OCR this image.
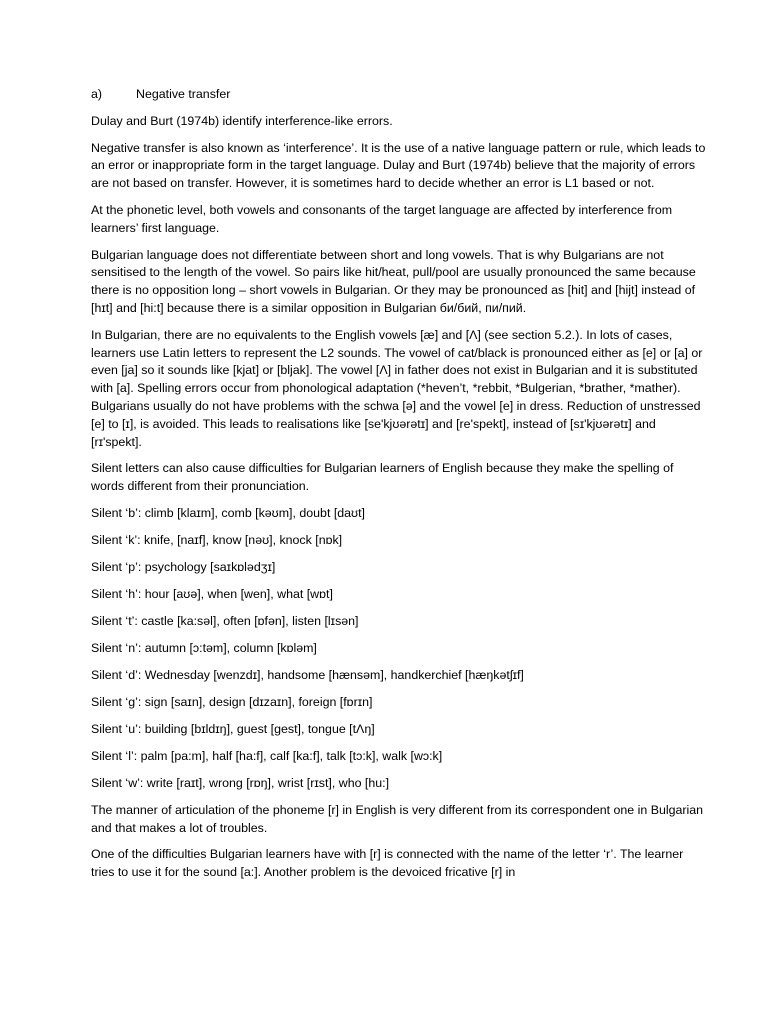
a)	Negative transfer

Dulay and Burt (1974b) identify interference-like errors.

Negative transfer is also known as ‘interference’. It is the use of a native language pattern or rule, which leads to an error or inappropriate form in the target language. Dulay and Burt (1974b) believe that the majority of errors are not based on transfer. However, it is sometimes hard to decide whether an error is L1 based or not.

At the phonetic level, both vowels and consonants of the target language are affected by interference from learners’ first language.

Bulgarian language does not differentiate between short and long vowels. That is why Bulgarians are not sensitised to the length of the vowel. So pairs like hit/heat, pull/pool are usually pronounced the same because there is no opposition long – short vowels in Bulgarian. Or they may be pronounced as [hit] and [hijt] instead of [hɪt] and [hi:t] because there is a similar opposition in Bulgarian би/бий, пи/пий.

In Bulgarian, there are no equivalents to the English vowels [æ] and [Λ] (see section 5.2.). In lots of cases, learners use Latin letters to represent the L2 sounds. The vowel of cat/black is pronounced either as [e] or [a] or even [ja] so it sounds like [kjat] or [bljak]. The vowel [Λ] in father does not exist in Bulgarian and it is substituted with [a]. Spelling errors occur from phonological adaptation (*heven’t, *rebbit, *Bulgerian, *brather, *mather). Bulgarians usually do not have problems with the schwa [ə] and the vowel [e] in dress. Reduction of unstressed [e] to [ɪ], is avoided. This leads to realisations like [se'kjʊərətɪ] and [re'spekt], instead of [sɪ'kjʊərətɪ] and [rɪ'spekt].

Silent letters can also cause difficulties for Bulgarian learners of English because they make the spelling of words different from their pronunciation.

Silent ‘b’: climb [klaɪm], comb [kəʊm], doubt [daʊt]
Silent ‘k’: knife, [naɪf], know [nəʊ], knock [nɒk]
Silent ‘p’: psychology [saɪkɒlədʒɪ]
Silent ‘h’: hour [aʊə], when [wen], what [wɒt]
Silent ‘t’: castle [ka:səl], often [ɒfən], listen [lɪsən]
Silent ‘n’: autumn [ɔ:təm], column [kɒləm]
Silent ‘d’: Wednesday [wenzdɪ], handsome [hænsəm], handkerchief [hæŋkətʃɪf]
Silent ‘g’: sign [saɪn], design [dɪzaɪn], foreign [fɒrɪn]
Silent ‘u’: building [bɪldɪŋ], guest [gest], tongue [tΛŋ]
Silent ‘l’: palm [pa:m], half [ha:f], calf [ka:f], talk [tɔ:k], walk [wɔ:k]
Silent ‘w’: write [raɪt], wrong [rɒŋ], wrist [rɪst], who [hu:]

The manner of articulation of the phoneme [r] in English is very different from its correspondent one in Bulgarian and that makes a lot of troubles.

One of the difficulties Bulgarian learners have with [r] is connected with the name of the letter ‘r’. The learner tries to use it for the sound [a:]. Another problem is the devoiced fricative [r] in
